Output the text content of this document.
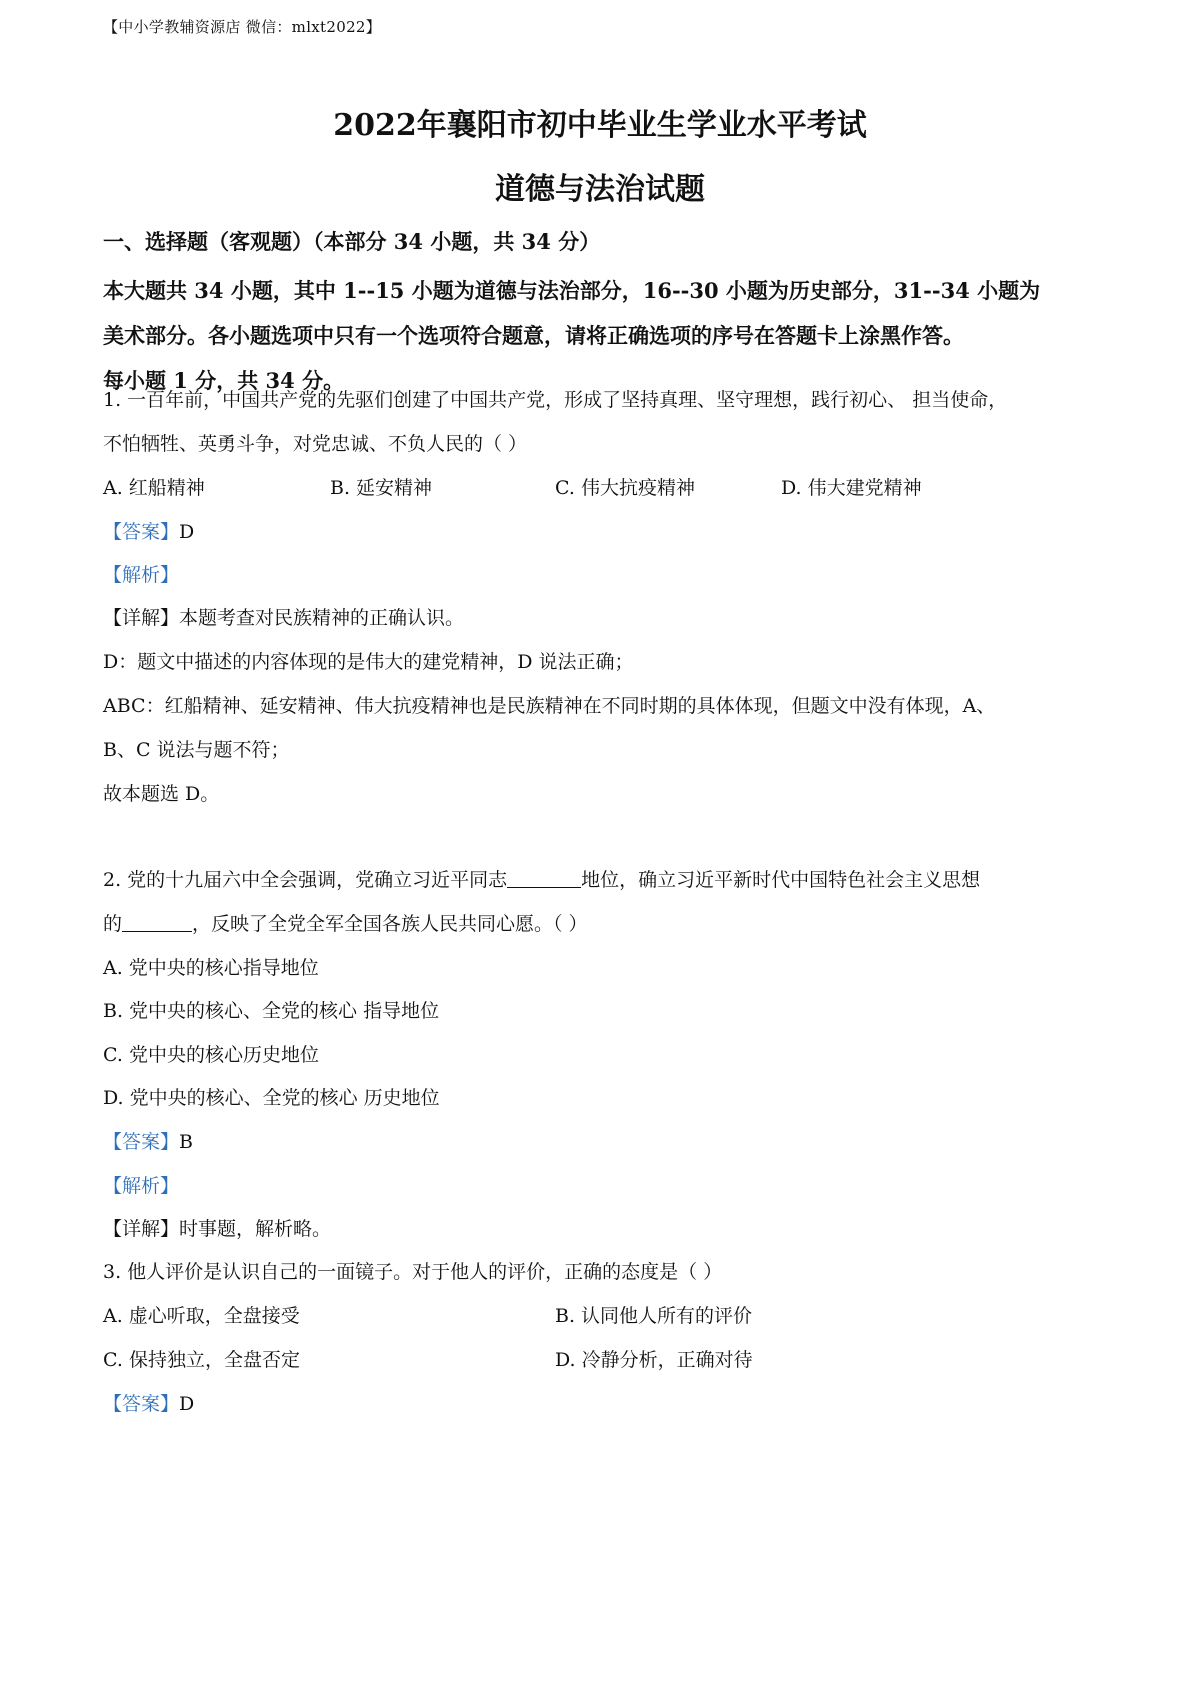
【中小学教辅资源店 微信：mlxt2022】
2022年襄阳市初中毕业生学业水平考试
道德与法治试题
一、选择题（客观题）（本部分 34 小题，共 34 分）

本大题共 34 小题，其中 1--15 小题为道德与法治部分，16--30 小题为历史部分，31--34 小题为

美术部分。各小题选项中只有一个选项符合题意，请将正确选项的序号在答题卡上涂黑作答。

每小题 1 分，共 34 分。

1. 一百年前，中国共产党的先驱们创建了中国共产党，形成了坚持真理、坚守理想，践行初心、 担当使命，
不怕牺牲、英勇斗争，对党忠诚、不负人民的（ ）
A. 红船精神	B. 延安精神	C. 伟大抗疫精神	D. 伟大建党精神
【答案】D
【解析】
【详解】本题考查对民族精神的正确认识。
D：题文中描述的内容体现的是伟大的建党精神，D 说法正确；
ABC：红船精神、延安精神、伟大抗疫精神也是民族精神在不同时期的具体体现，但题文中没有体现，A、
B、C 说法与题不符；
故本题选 D。
2. 党的十九届六中全会强调，党确立习近平同志	地位，确立习近平新时代中国特色社会主义思想
的	，反映了全党全军全国各族人民共同心愿。（ ）
A. 党中央的核心指导地位
B. 党中央的核心、全党的核心 指导地位
C. 党中央的核心历史地位
D. 党中央的核心、全党的核心 历史地位
【答案】B
【解析】
【详解】时事题，解析略。
3. 他人评价是认识自己的一面镜子。对于他人的评价，正确的态度是（ ）
A. 虚心听取，全盘接受	B. 认同他人所有的评价
C. 保持独立，全盘否定	D. 冷静分析，正确对待
【答案】D
